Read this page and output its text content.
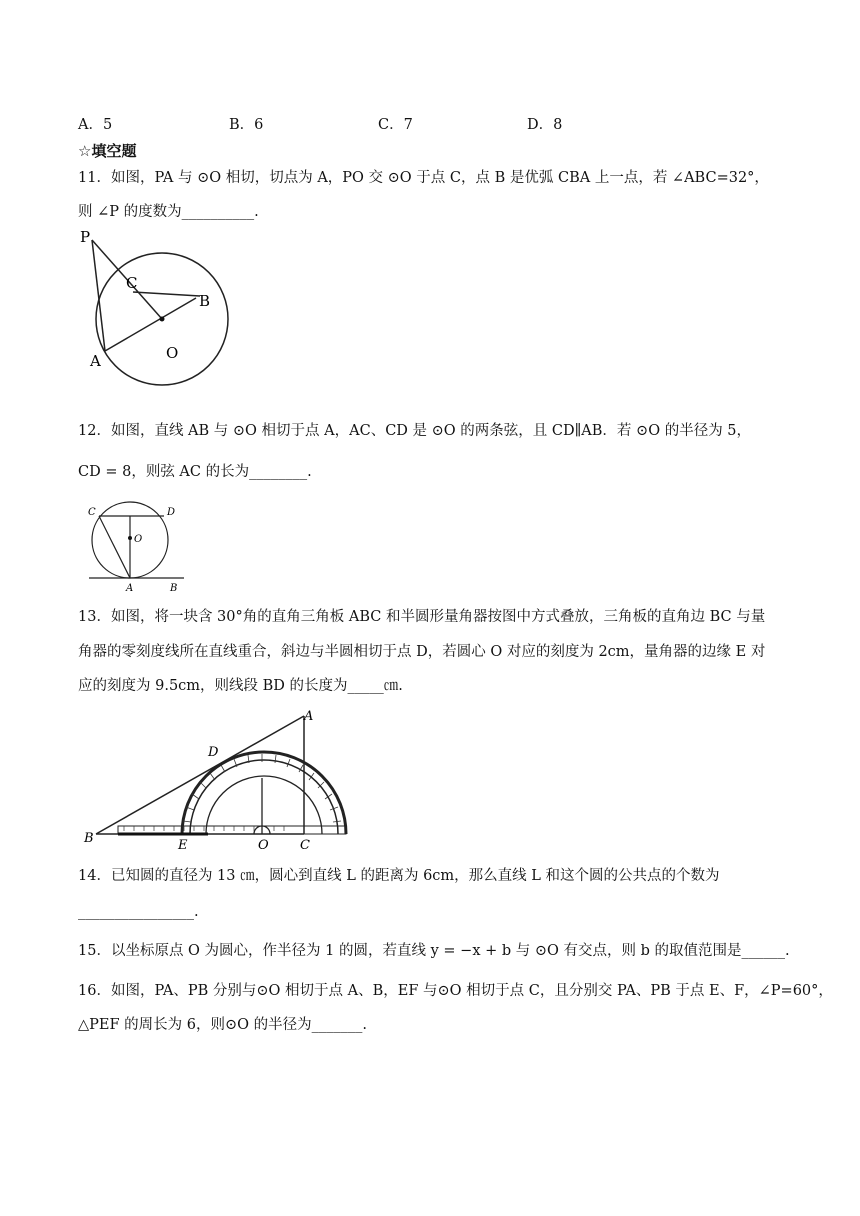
A．5	B．6	C．7	D．8
☆填空题
11．如图，PA 与 ⊙O 相切，切点为 A，PO 交 ⊙O 于点 C，点 B 是优弧 CBA 上一点，若 ∠ABC=32°，
则 ∠P 的度数为__________.
P
C
B
A	O
12．如图，直线 AB 与 ⊙O 相切于点 A，AC、CD 是 ⊙O 的两条弦，且 CD∥AB．若 ⊙O 的半径为 5，
CD = 8，则弦 AC 的长为________.
C	D
O
A	B
13．如图，将一块含 30°角的直角三角板 ABC 和半圆形量角器按图中方式叠放，三角板的直角边 BC 与量
角器的零刻度线所在直线重合，斜边与半圆相切于点 D，若圆心 O 对应的刻度为 2cm，量角器的边缘 E 对
应的刻度为 9.5cm，则线段 BD 的长度为_____㎝.
A
D
B	E	O C
14．已知圆的直径为 13 ㎝，圆心到直线 L 的距离为 6cm，那么直线 L 和这个圆的公共点的个数为
________________.
15．以坐标原点 O 为圆心，作半径为 1 的圆，若直线 y = −x + b 与 ⊙O 有交点，则 b 的取值范围是______.
16．如图，PA、PB 分别与⊙O 相切于点 A、B，EF 与⊙O 相切于点 C，且分别交 PA、PB 于点 E、F，∠P=60°，
△PEF 的周长为 6，则⊙O 的半径为_______.
